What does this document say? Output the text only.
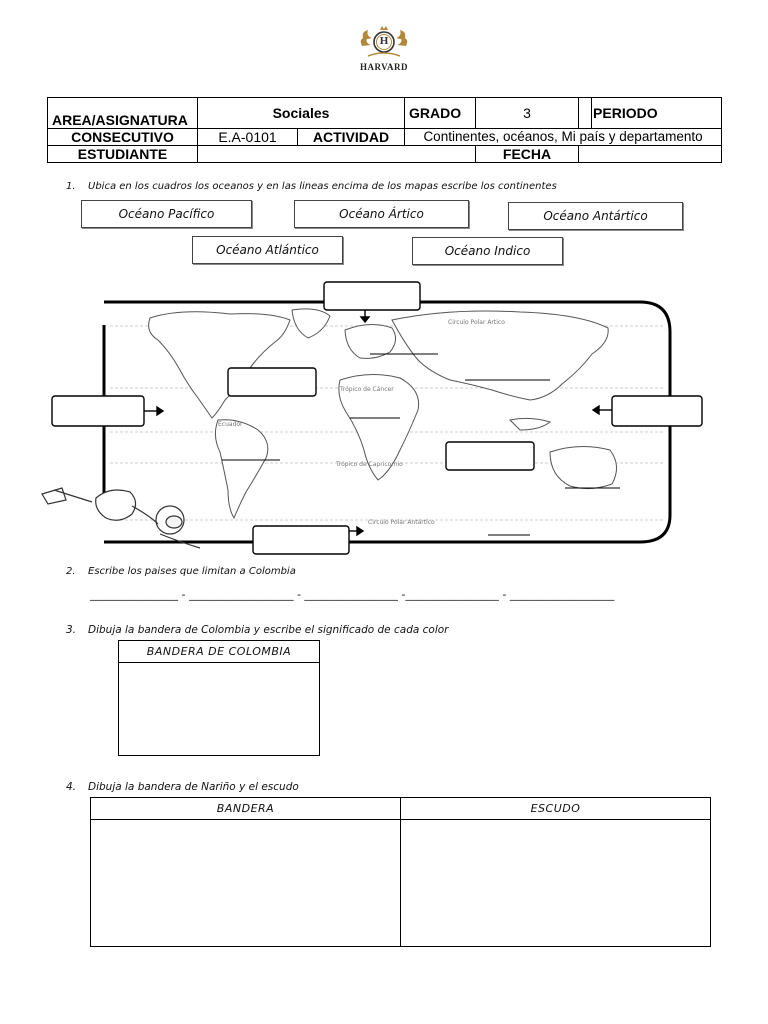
H
HARVARD
AREA/ASIGNATURA	Sociales		GRADO	3	PERIODO	
CONSECUTIVO	E.A-0101	ACTIVIDAD	Continentes, océanos, Mi país y departamento			
ESTUDIANTE				FECHA		
1. Ubica en los cuadros los oceanos y en las lineas encima de los mapas escribe los continentes
Océano Pacífico	Océano Ártico	Océano Antártico
Océano Atlántico	Océano Indico
Circulo Polar Artico
Trópico de Cáncer
Ecuador
Trópico de Capricornio
Circulo Polar Antártico
2. Escribe los paises que limitan a Colombia
________________ - ___________________ - _________________ -_________________ - ___________________
3. Dibuja la bandera de Colombia y escribe el significado de cada color
BANDERA DE COLOMBIA
4. Dibuja la bandera de Nariño y el escudo
BANDERA	ESCUDO
